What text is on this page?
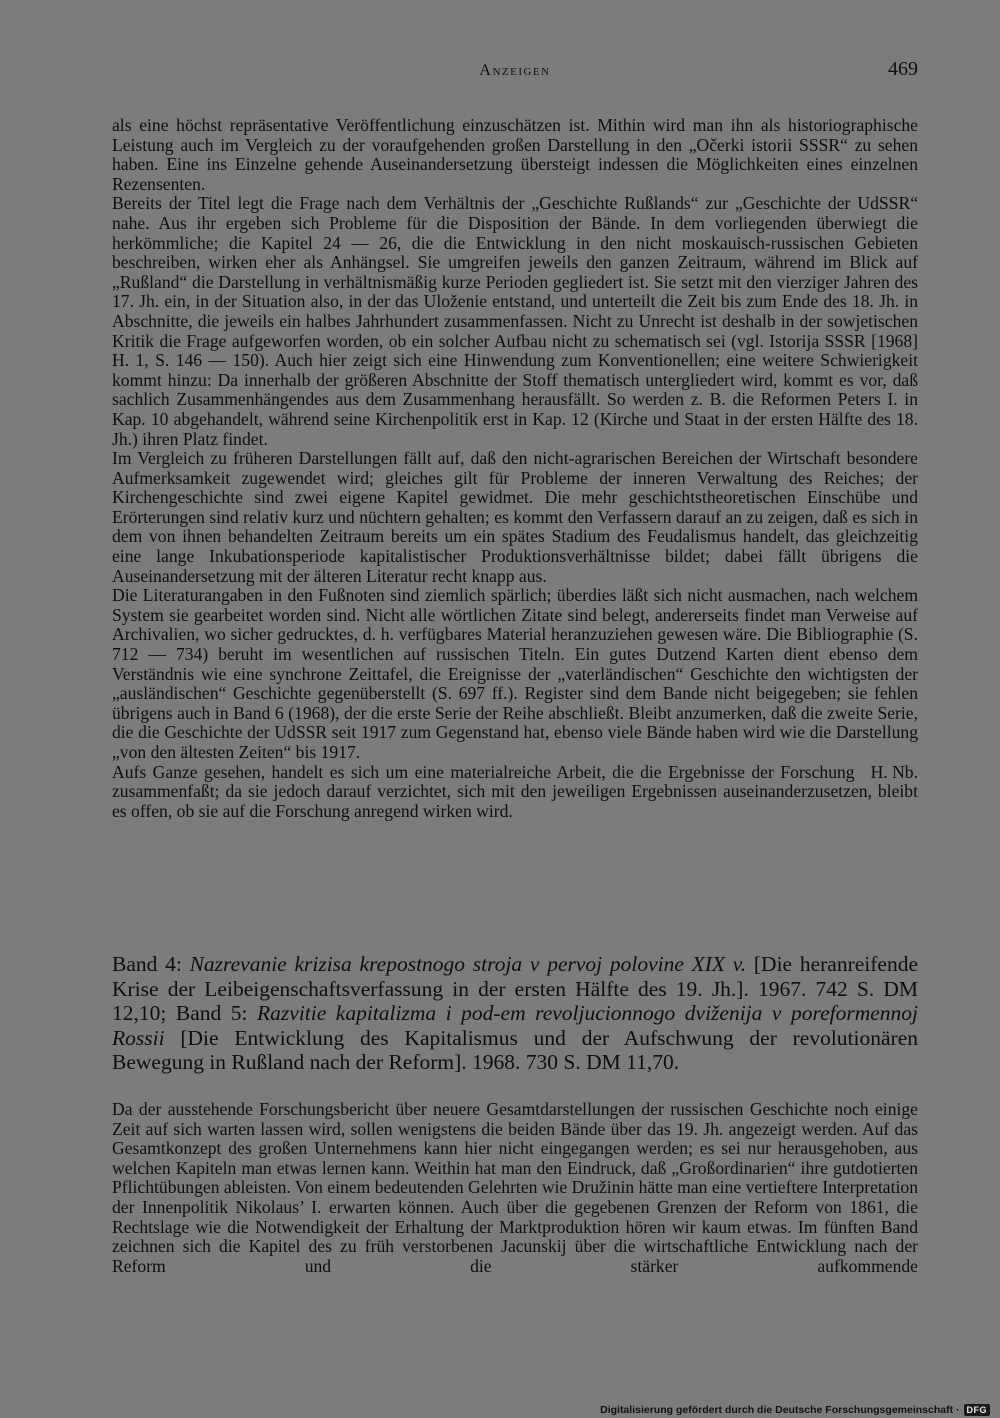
Anzeigen	469

als eine höchst repräsentative Veröffentlichung einzuschätzen ist. Mithin wird man ihn als historiographische Leistung auch im Vergleich zu der voraufgehenden großen Darstellung in den „Očerki istorii SSSR“ zu sehen haben. Eine ins Einzelne gehende Auseinandersetzung übersteigt indessen die Möglichkeiten eines einzelnen Rezensenten.

Bereits der Titel legt die Frage nach dem Verhältnis der „Geschichte Rußlands“ zur „Geschichte der UdSSR“ nahe. Aus ihr ergeben sich Probleme für die Disposition der Bände. In dem vorliegenden überwiegt die herkömmliche; die Kapitel 24 — 26, die die Entwicklung in den nicht moskauisch-russischen Gebieten beschreiben, wirken eher als Anhängsel. Sie umgreifen jeweils den ganzen Zeitraum, während im Blick auf „Rußland“ die Darstellung in verhältnismäßig kurze Perioden gegliedert ist. Sie setzt mit den vierziger Jahren des 17. Jh. ein, in der Situation also, in der das Uloženie entstand, und unterteilt die Zeit bis zum Ende des 18. Jh. in Abschnitte, die jeweils ein halbes Jahrhundert zusammenfassen. Nicht zu Unrecht ist deshalb in der sowjetischen Kritik die Frage aufgeworfen worden, ob ein solcher Aufbau nicht zu schematisch sei (vgl. Istorija SSSR [1968] H. 1, S. 146 — 150). Auch hier zeigt sich eine Hinwendung zum Konventionellen; eine weitere Schwierigkeit kommt hinzu: Da innerhalb der größeren Abschnitte der Stoff thematisch untergliedert wird, kommt es vor, daß sachlich Zusammenhängendes aus dem Zusammenhang herausfällt. So werden z. B. die Reformen Peters I. in Kap. 10 abgehandelt, während seine Kirchenpolitik erst in Kap. 12 (Kirche und Staat in der ersten Hälfte des 18. Jh.) ihren Platz findet.

Im Vergleich zu früheren Darstellungen fällt auf, daß den nicht-agrarischen Bereichen der Wirtschaft besondere Aufmerksamkeit zugewendet wird; gleiches gilt für Probleme der inneren Verwaltung des Reiches; der Kirchengeschichte sind zwei eigene Kapitel gewidmet. Die mehr geschichtstheoretischen Einschübe und Erörterungen sind relativ kurz und nüchtern gehalten; es kommt den Verfassern darauf an zu zeigen, daß es sich in dem von ihnen behandelten Zeitraum bereits um ein spätes Stadium des Feudalismus handelt, das gleichzeitig eine lange Inkubationsperiode kapitalistischer Produktionsverhältnisse bildet; dabei fällt übrigens die Auseinandersetzung mit der älteren Literatur recht knapp aus.

Die Literaturangaben in den Fußnoten sind ziemlich spärlich; überdies läßt sich nicht ausmachen, nach welchem System sie gearbeitet worden sind. Nicht alle wörtlichen Zitate sind belegt, andererseits findet man Verweise auf Archivalien, wo sicher gedrucktes, d. h. verfügbares Material heranzuziehen gewesen wäre. Die Bibliographie (S. 712 — 734) beruht im wesentlichen auf russischen Titeln. Ein gutes Dutzend Karten dient ebenso dem Verständnis wie eine synchrone Zeittafel, die Ereignisse der „vaterländischen“ Geschichte den wichtigsten der „ausländischen“ Geschichte gegenüberstellt (S. 697 ff.). Register sind dem Bande nicht beigegeben; sie fehlen übrigens auch in Band 6 (1968), der die erste Serie der Reihe abschließt. Bleibt anzumerken, daß die zweite Serie, die die Geschichte der UdSSR seit 1917 zum Gegenstand hat, ebenso viele Bände haben wird wie die Darstellung „von den ältesten Zeiten“ bis 1917.

H. Nb.
Aufs Ganze gesehen, handelt es sich um eine materialreiche Arbeit, die die Ergebnisse der Forschung zusammenfaßt; da sie jedoch darauf verzichtet, sich mit den jeweiligen Ergebnissen auseinanderzusetzen, bleibt es offen, ob sie auf die Forschung anregend wirken wird.

Band 4: Nazrevanie krizisa krepostnogo stroja v pervoj polovine XIX v. [Die heranreifende Krise der Leibeigenschaftsverfassung in der ersten Hälfte des 19. Jh.]. 1967. 742 S. DM 12,10; Band 5: Razvitie kapitalizma i pod-em revoljucionnogo dviženija v poreformennoj Rossii [Die Entwicklung des Kapitalismus und der Aufschwung der revolutionären Bewegung in Rußland nach der Reform]. 1968. 730 S. DM 11,70.

Da der ausstehende Forschungsbericht über neuere Gesamtdarstellungen der russischen Geschichte noch einige Zeit auf sich warten lassen wird, sollen wenigstens die beiden Bände über das 19. Jh. angezeigt werden. Auf das Gesamtkonzept des großen Unternehmens kann hier nicht eingegangen werden; es sei nur herausgehoben, aus welchen Kapiteln man etwas lernen kann. Weithin hat man den Eindruck, daß „Großordinarien“ ihre gutdotierten Pflichtübungen ableisten. Von einem bedeutenden Gelehrten wie Družinin hätte man eine vertieftere Interpretation der Innenpolitik Nikolaus’ I. erwarten können. Auch über die gegebenen Grenzen der Reform von 1861, die Rechtslage wie die Notwendigkeit der Erhaltung der Marktproduktion hören wir kaum etwas. Im fünften Band zeichnen sich die Kapitel des zu früh verstorbenen Jacunskij über die wirtschaftliche Entwicklung nach der Reform und die stärker aufkommende

Digitalisierung gefördert durch die Deutsche Forschungsgemeinschaft · DFG
